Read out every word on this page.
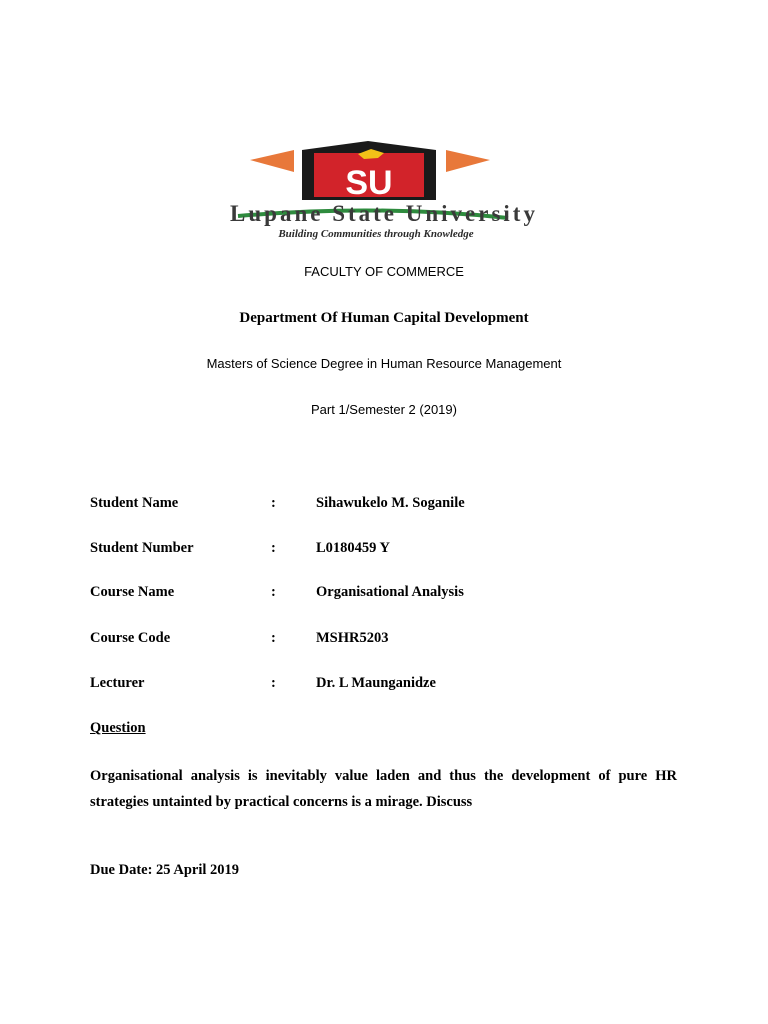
SU
Lupane State University
Building Communities through Knowledge
FACULTY OF COMMERCE
Department Of Human Capital Development
Masters of Science Degree in Human Resource Management
Part 1/Semester 2 (2019)
Student Name	:	Sihawukelo M. Soganile
Student Number	:	L0180459 Y
Course Name	:	Organisational Analysis
Course Code	:	MSHR5203
Lecturer	:	Dr. L Maunganidze
Question
Organisational analysis is inevitably value laden and thus the development of pure HR strategies untainted by practical concerns is a mirage. Discuss
Due Date: 25 April 2019
